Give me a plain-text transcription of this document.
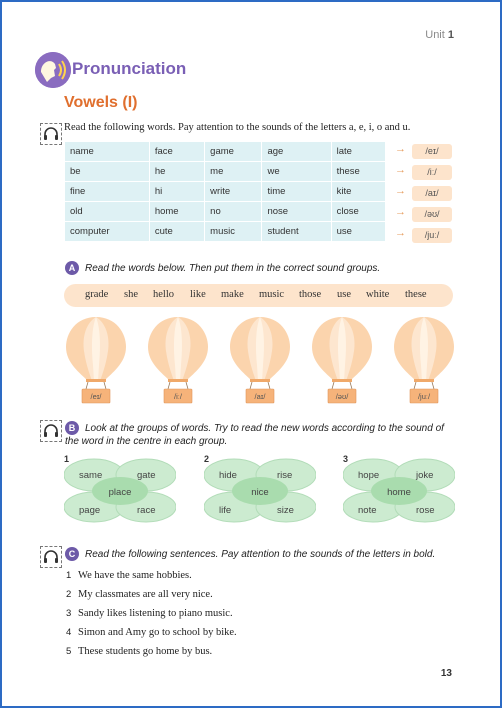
Unit 1
Pronunciation
Vowels (I)
Read the following words. Pay attention to the sounds of the letters a, e, i, o and u.
name	face	game	age	late
be	he	me	we	these
fine	hi	write	time	kite
old	home	no	nose	close
computer	cute	music	student	use
→	/eɪ/
→	/iː/
→	/aɪ/
→	/əʊ/
→	/juː/
A Read the words below. Then put them in the correct sound groups.
grade she hello like make music those use white these
/eɪ/	/iː/	/aɪ/	/əʊ/	/juː/
B Look at the groups of words. Try to read the new words according to the sound of
the word in the centre in each group.
1
same	gate
page	race
place
2
hide	rise
life	size
nice
3
hope	joke
note	rose
home
C Read the following sentences. Pay attention to the sounds of the letters in bold.
1 We have the same hobbies.
2 My classmates are all very nice.
3 Sandy likes listening to piano music.
4 Simon and Amy go to school by bike.
5 These students go home by bus.
13
